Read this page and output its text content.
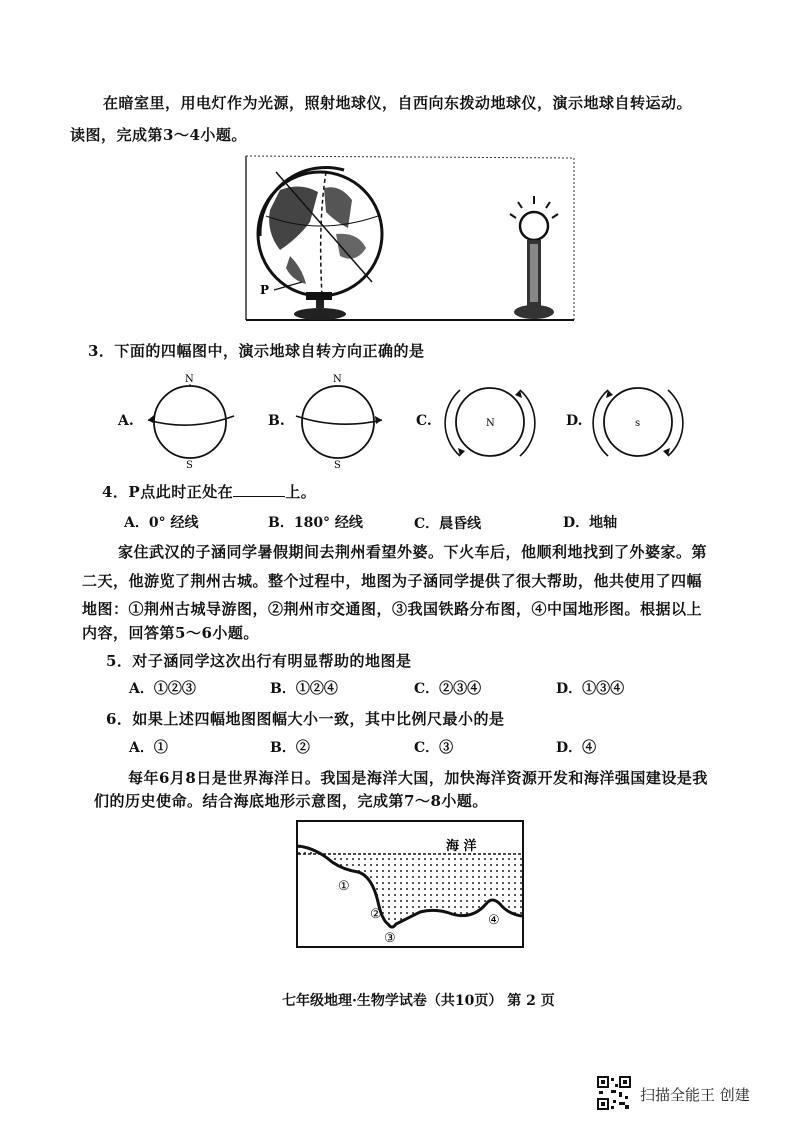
在暗室里，用电灯作为光源，照射地球仪，自西向东拨动地球仪，演示地球自转运动。
读图，完成第3～4小题。
P
3．下面的四幅图中，演示地球自转方向正确的是
A.
N
S
B.
N
S
C.	N	D.	s
4．P点此时正处在	上。
A．0° 经线	B．180° 经线	C．晨昏线	D．地轴
家住武汉的子涵同学暑假期间去荆州看望外婆。下火车后，他顺利地找到了外婆家。第
二天，他游览了荆州古城。整个过程中，地图为子涵同学提供了很大帮助，他共使用了四幅
地图：①荆州古城导游图，②荆州市交通图，③我国铁路分布图，④中国地形图。根据以上
内容，回答第5～6小题。
5．对子涵同学这次出行有明显帮助的地图是
A．①②③	B．①②④	C．②③④	D．①③④
6．如果上述四幅地图图幅大小一致，其中比例尺最小的是
A．①	B．②	C．③	D．④
每年6月8日是世界海洋日。我国是海洋大国，加快海洋资源开发和海洋强国建设是我
们的历史使命。结合海底地形示意图，完成第7～8小题。
海 洋
①
②
③
④
七年级地理·生物学试卷（共10页） 第 2 页
扫描全能王 创建
